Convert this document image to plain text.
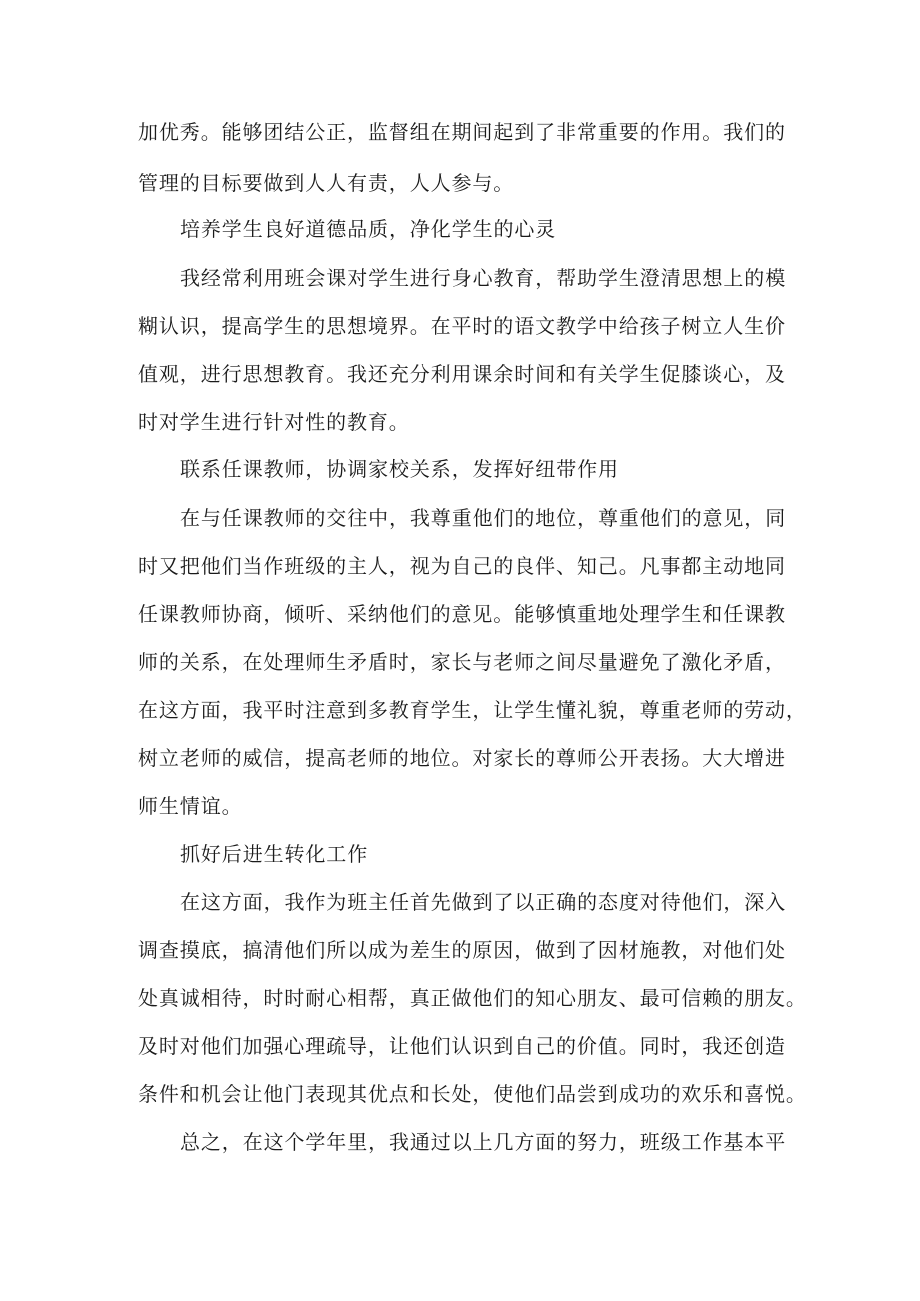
加优秀。能够团结公正，监督组在期间起到了非常重要的作用。我们的
管理的目标要做到人人有责，人人参与。
培养学生良好道德品质，净化学生的心灵
我经常利用班会课对学生进行身心教育，帮助学生澄清思想上的模
糊认识，提高学生的思想境界。在平时的语文教学中给孩子树立人生价
值观，进行思想教育。我还充分利用课余时间和有关学生促膝谈心，及
时对学生进行针对性的教育。
联系任课教师，协调家校关系，发挥好纽带作用
在与任课教师的交往中，我尊重他们的地位，尊重他们的意见，同
时又把他们当作班级的主人，视为自己的良伴、知己。凡事都主动地同
任课教师协商，倾听、采纳他们的意见。能够慎重地处理学生和任课教
师的关系，在处理师生矛盾时，家长与老师之间尽量避免了激化矛盾，
在这方面，我平时注意到多教育学生，让学生懂礼貌，尊重老师的劳动，
树立老师的威信，提高老师的地位。对家长的尊师公开表扬。大大增进
师生情谊。
抓好后进生转化工作
在这方面，我作为班主任首先做到了以正确的态度对待他们，深入
调查摸底，搞清他们所以成为差生的原因，做到了因材施教，对他们处
处真诚相待，时时耐心相帮，真正做他们的知心朋友、最可信赖的朋友。
及时对他们加强心理疏导，让他们认识到自己的价值。同时，我还创造
条件和机会让他门表现其优点和长处，使他们品尝到成功的欢乐和喜悦。
总之，在这个学年里，我通过以上几方面的努力，班级工作基本平
